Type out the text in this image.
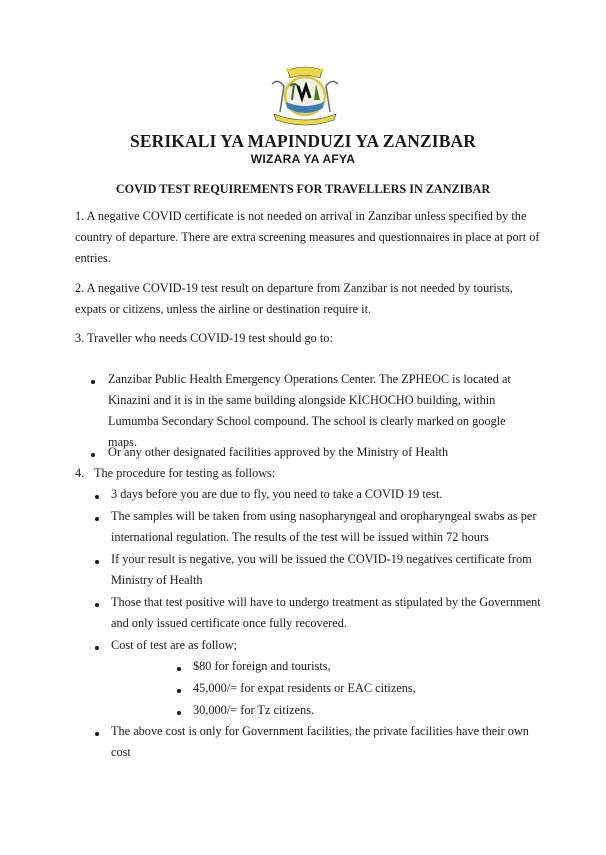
SERIKALI YA MAPINDUZI YA ZANZIBAR
WIZARA YA AFYA
COVID TEST REQUIREMENTS FOR TRAVELLERS IN ZANZIBAR
1. A negative COVID certificate is not needed on arrival in Zanzibar unless specified by the country of departure. There are extra screening measures and questionnaires in place at port of entries.
2. A negative COVID-19 test result on departure from Zanzibar is not needed by tourists, expats or citizens, unless the airline or destination require it.
3. Traveller who needs COVID-19 test should go to:
Zanzibar Public Health Emergency Operations Center. The ZPHEOC is located at Kinazini and it is in the same building alongside KICHOCHO building, within Lumumba Secondary School compound. The school is clearly marked on google maps.
Or any other designated facilities approved by the Ministry of Health
4. The procedure for testing as follows:
3 days before you are due to fly, you need to take a COVID 19 test.
The samples will be taken from using nasopharyngeal and oropharyngeal swabs as per international regulation. The results of the test will be issued within 72 hours
If your result is negative, you will be issued the COVID-19 negatives certificate from Ministry of Health
Those that test positive will have to undergo treatment as stipulated by the Government and only issued certificate once fully recovered.
Cost of test are as follow;
$80 for foreign and tourists,
45,000/= for expat residents or EAC citizens,
30,000/= for Tz citizens.
The above cost is only for Government facilities, the private facilities have their own cost
